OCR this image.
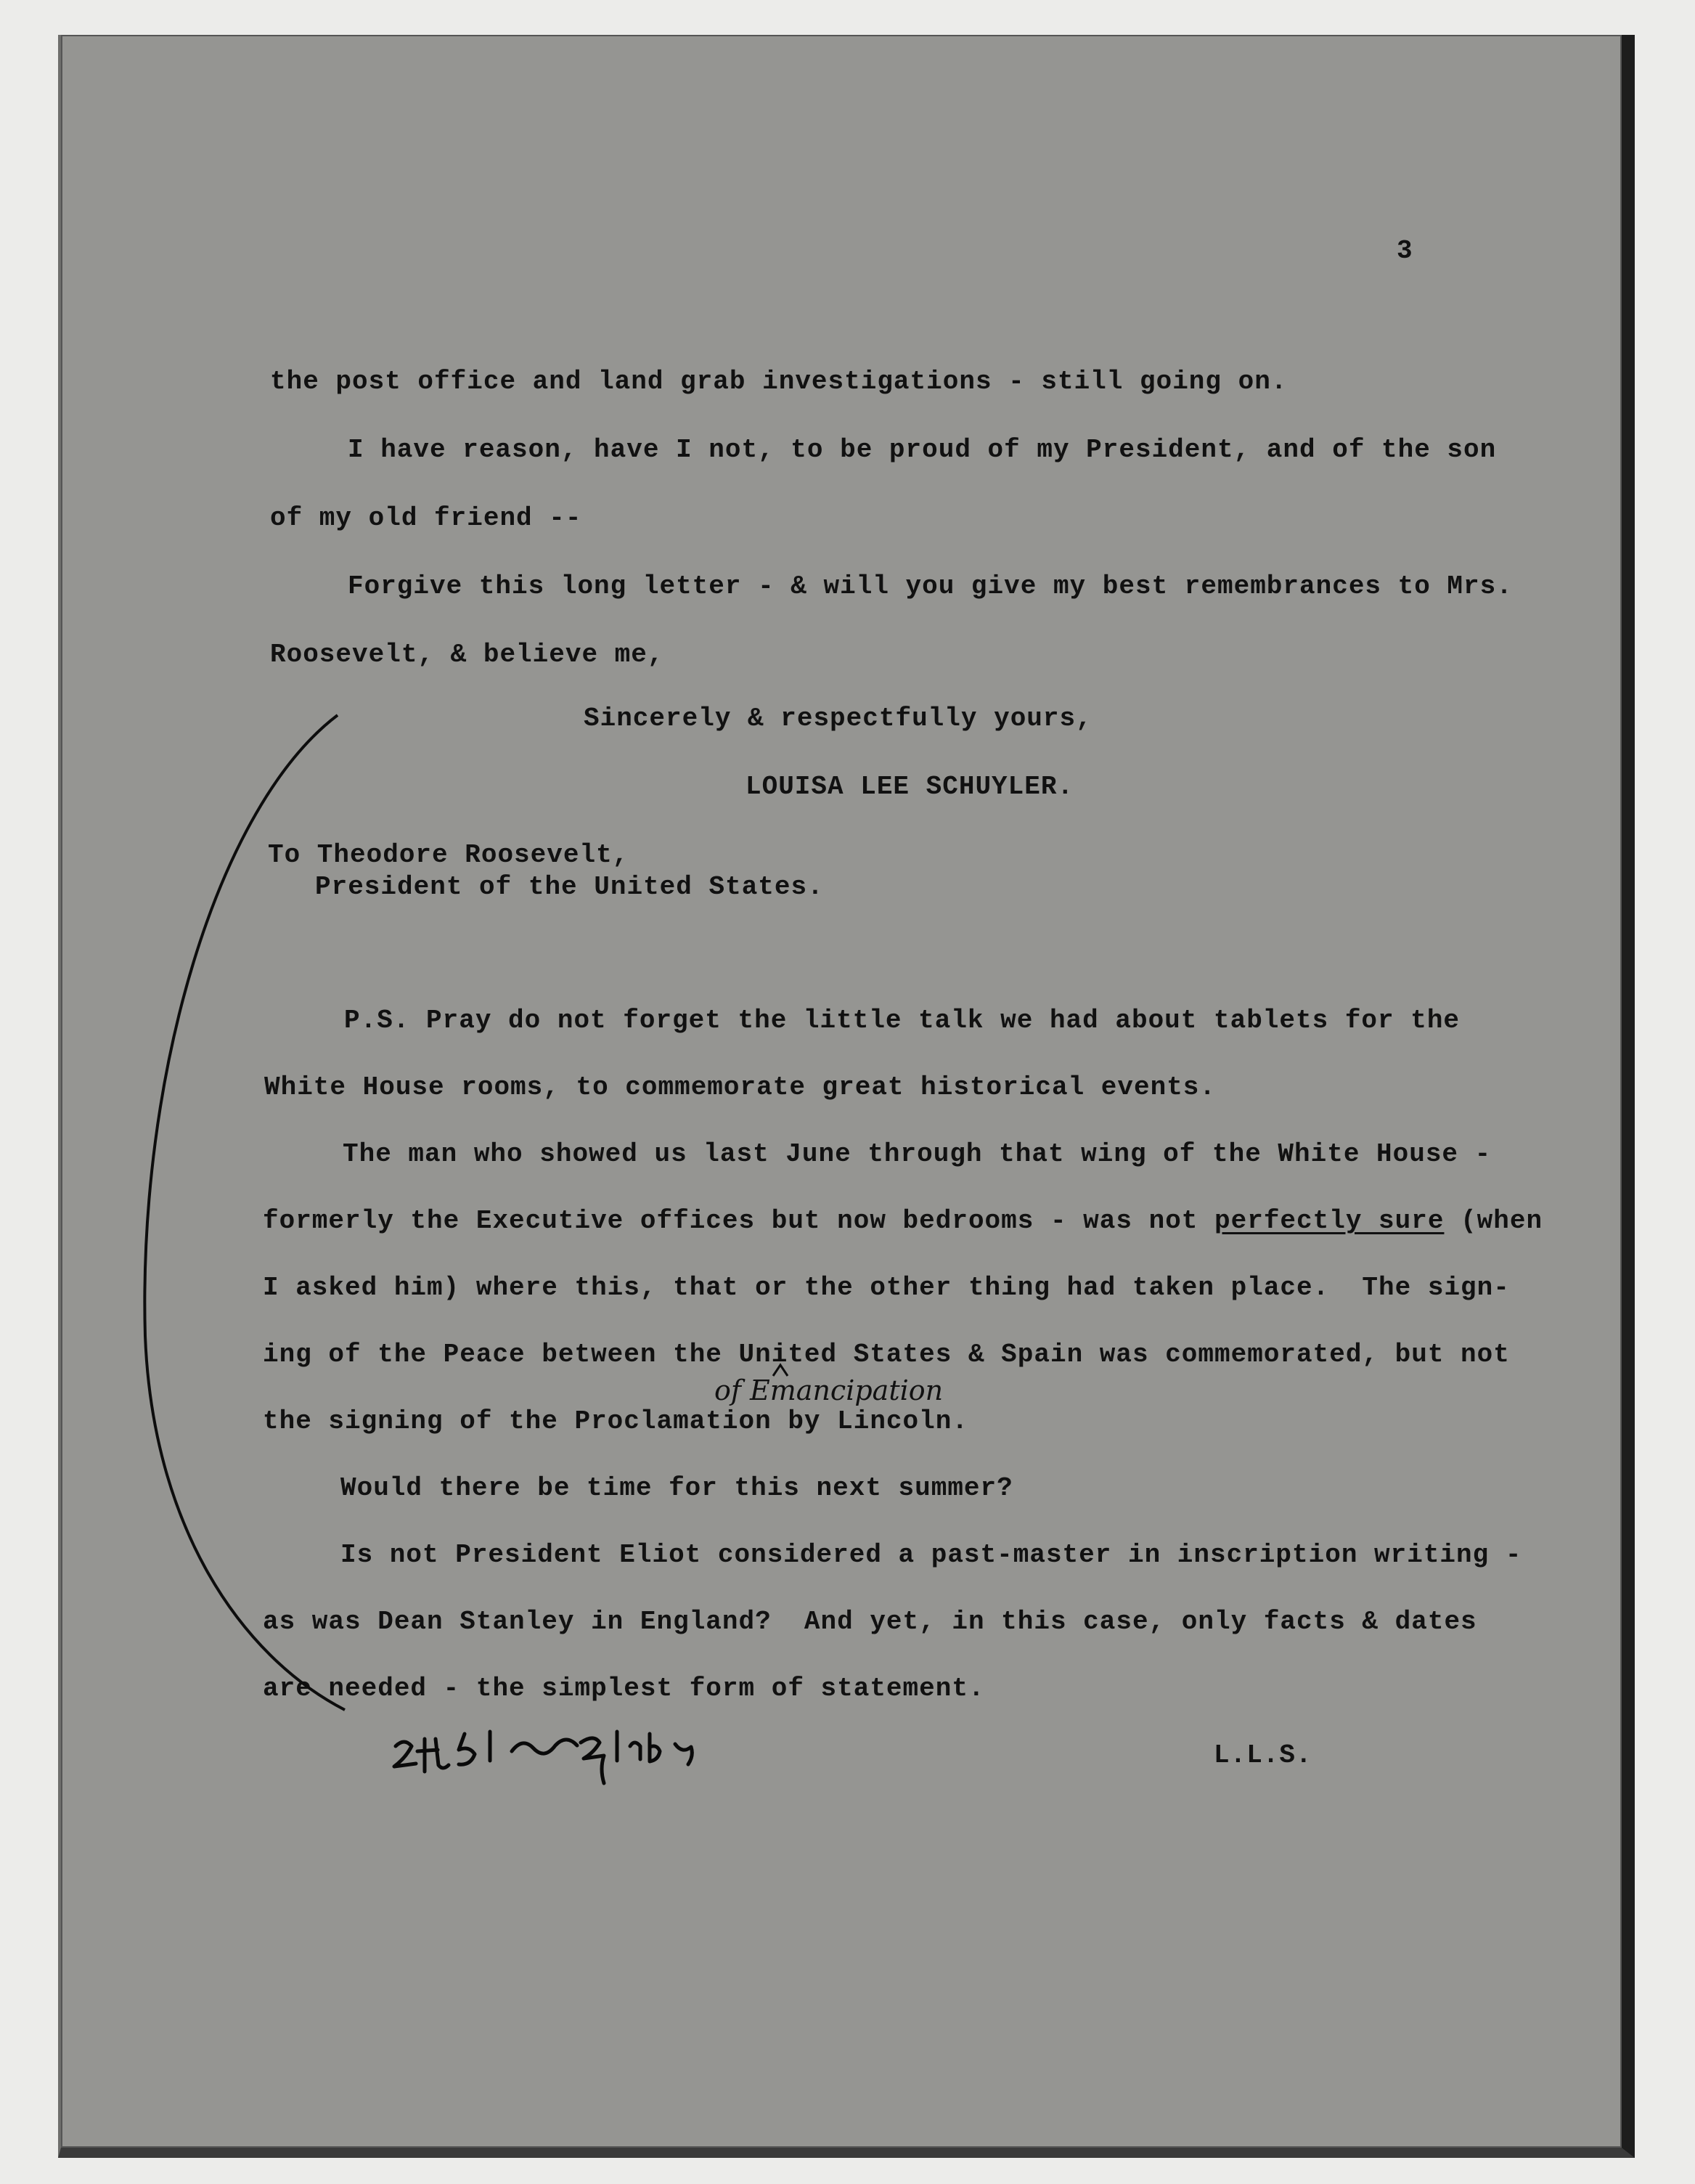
3
the post office and land grab investigations - still going on.
I have reason, have I not, to be proud of my President, and of the son
of my old friend --
Forgive this long letter - & will you give my best remembrances to Mrs.
Roosevelt, & believe me,
Sincerely & respectfully yours,
LOUISA LEE SCHUYLER.
To Theodore Roosevelt,
President of the United States.
P.S. Pray do not forget the little talk we had about tablets for the
White House rooms, to commemorate great historical events.
The man who showed us last June through that wing of the White House -
formerly the Executive offices but now bedrooms - was not perfectly sure (when
I asked him) where this, that or the other thing had taken place.  The sign-
ing of the Peace between the United States & Spain was commemorated, but not
the signing of the Proclamation by Lincoln.
Would there be time for this next summer?
Is not President Eliot considered a past-master in inscription writing -
as was Dean Stanley in England?  And yet, in this case, only facts & dates
are needed - the simplest form of statement.
L.L.S.
of Emancipation
